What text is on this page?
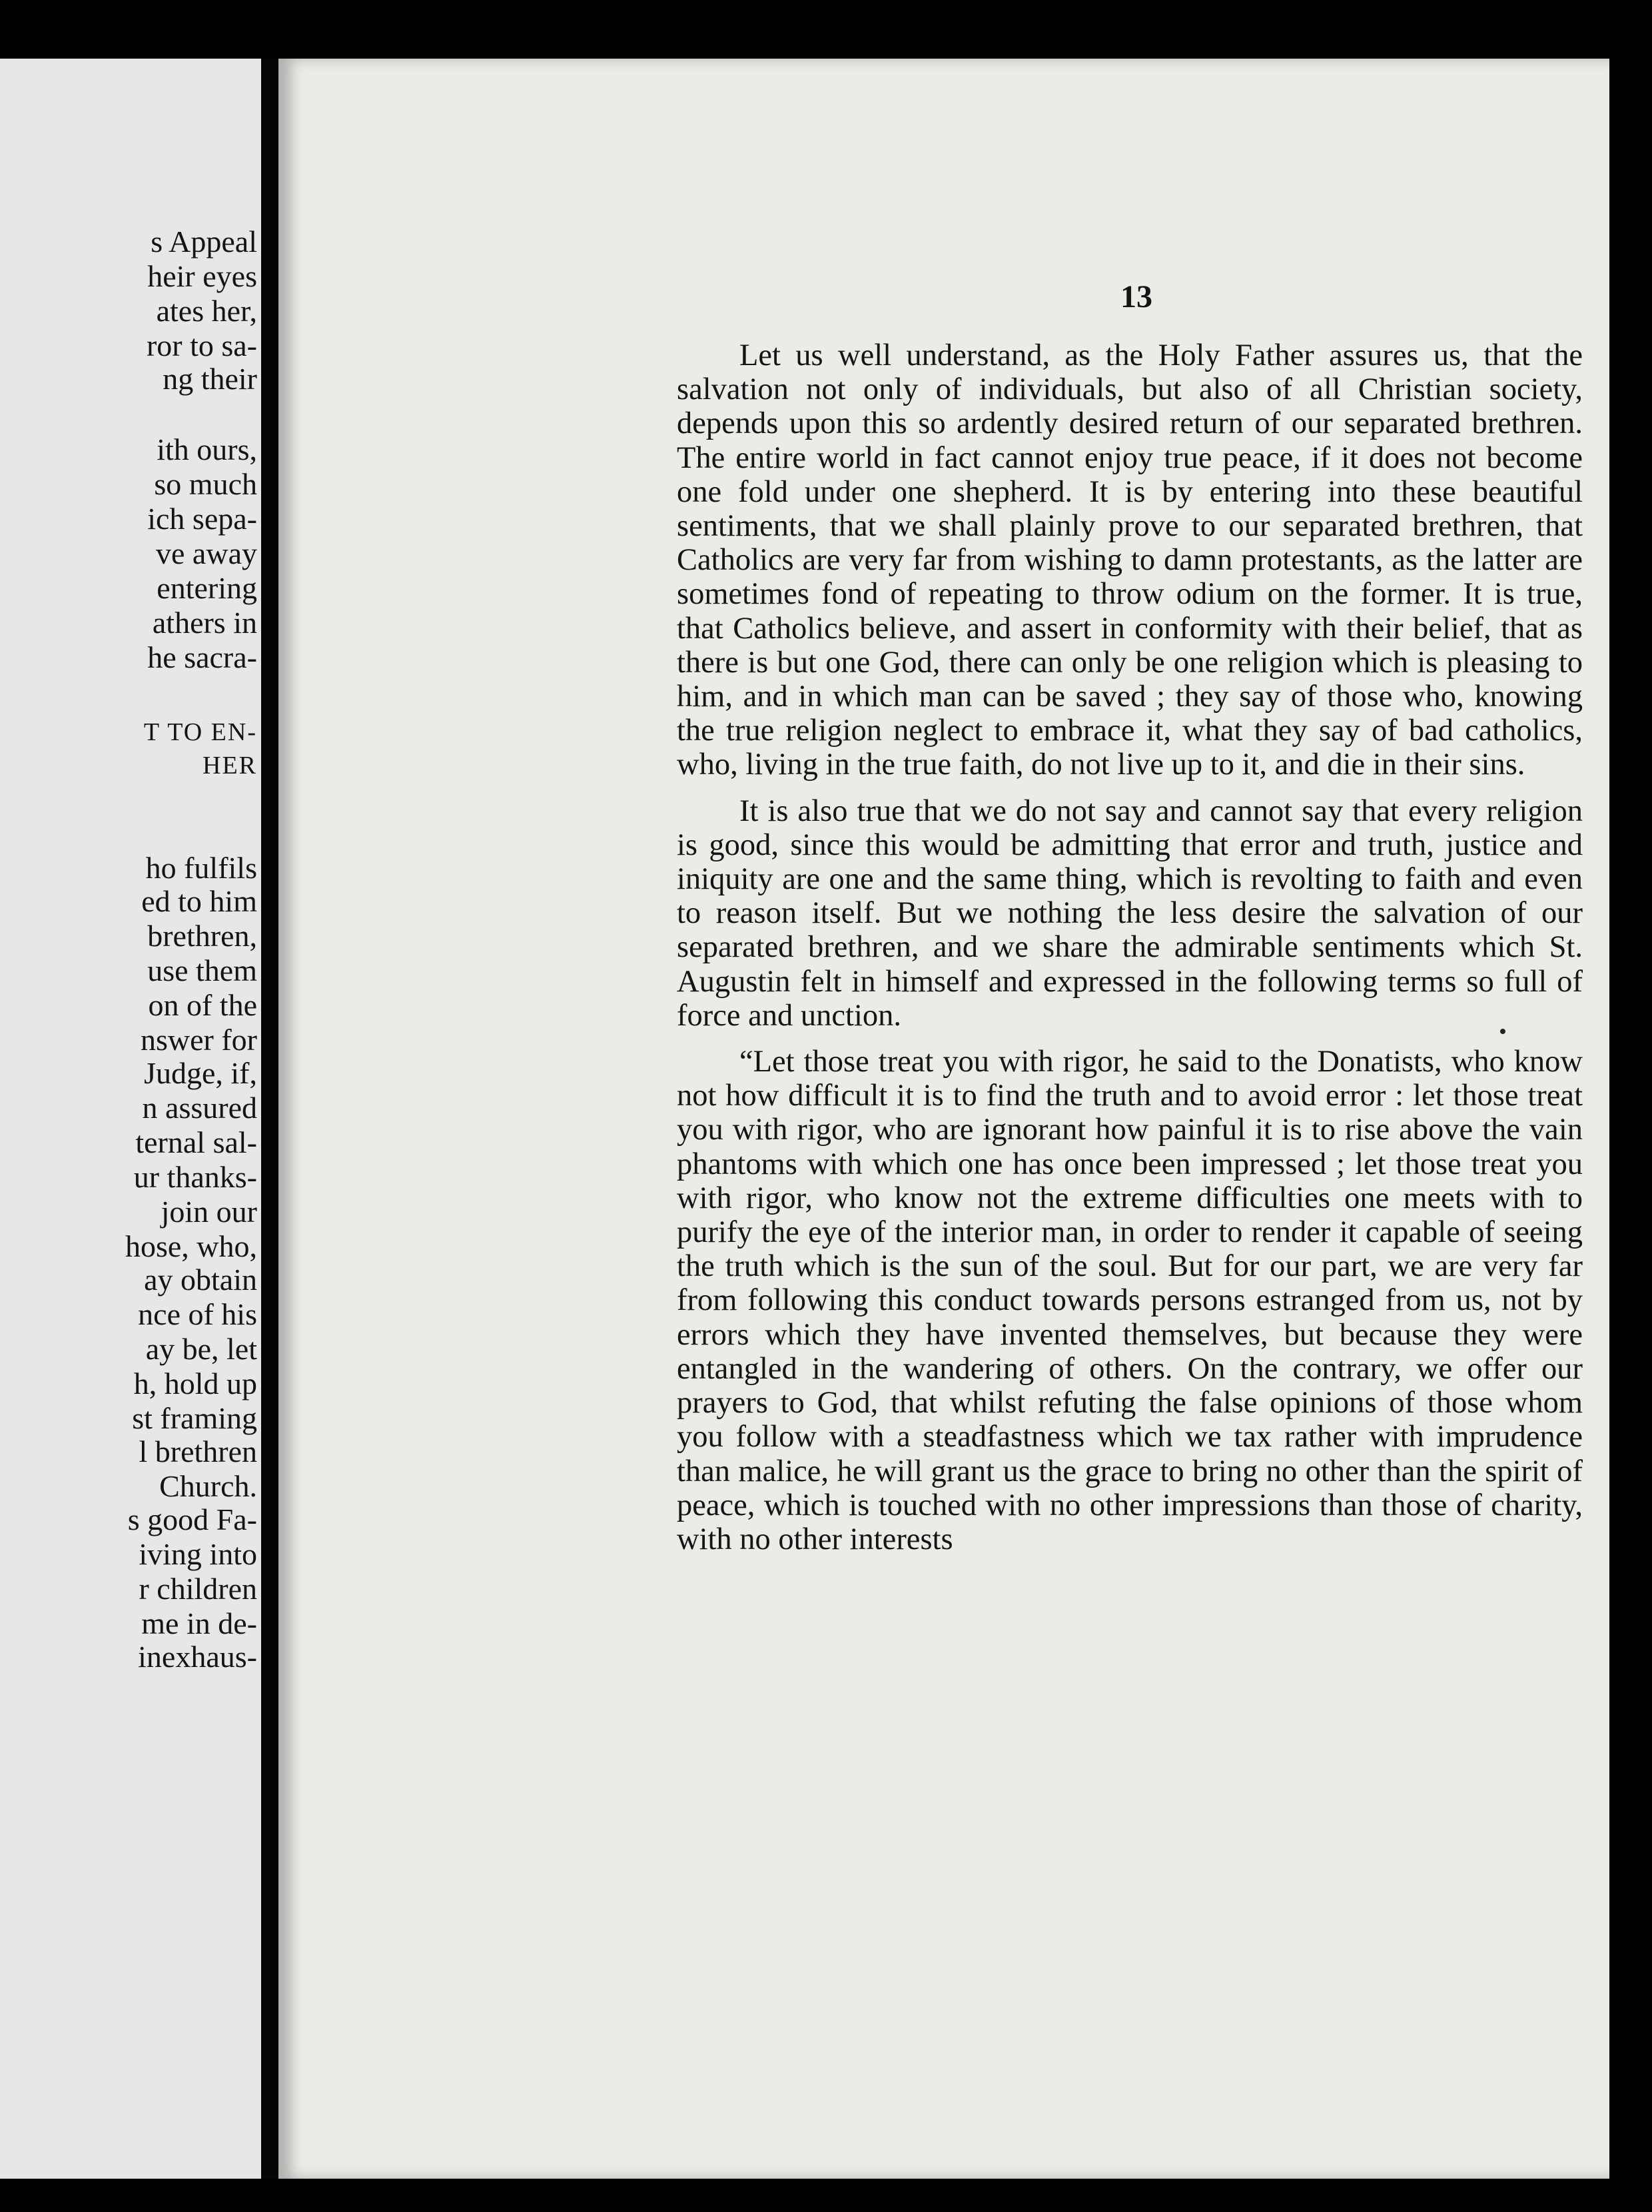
s Appeal
heir eyes
ates her,
ror to sa-
ng their
ith ours,
so much
ich sepa-
ve away
entering
athers in
he sacra-
T TO EN-
HER
ho fulfils
ed to him
brethren,
use them
on of the
nswer for
Judge, if,
n assured
ternal sal-
ur thanks-
join our
hose, who,
ay obtain
nce of his
ay be, let
h, hold up
st framing
l brethren
Church.
s good Fa-
iving into
r children
me in de-
inexhaus-
13

Let us well understand, as the Holy Father assures us, that the salvation not only of individuals, but also of all Christian society, depends upon this so ardently desired return of our separated brethren. The entire world in fact cannot enjoy true peace, if it does not become one fold under one shepherd. It is by entering into these beautiful sentiments, that we shall plainly prove to our separated brethren, that Catholics are very far from wishing to damn protestants, as the latter are sometimes fond of repeating to throw odium on the former. It is true, that Catholics believe, and assert in conformity with their belief, that as there is but one God, there can only be one religion which is pleasing to him, and in which man can be saved ; they say of those who, knowing the true religion neglect to embrace it, what they say of bad catholics, who, living in the true faith, do not live up to it, and die in their sins.

It is also true that we do not say and cannot say that every religion is good, since this would be admitting that error and truth, justice and iniquity are one and the same thing, which is revolting to faith and even to reason itself. But we nothing the less desire the salvation of our separated brethren, and we share the admirable sentiments which St. Augustin felt in himself and expressed in the following terms so full of force and unction.

“Let those treat you with rigor, he said to the Donatists, who know not how difficult it is to find the truth and to avoid error : let those treat you with rigor, who are ignorant how painful it is to rise above the vain phantoms with which one has once been impressed ; let those treat you with rigor, who know not the extreme difficulties one meets with to purify the eye of the interior man, in order to render it capable of seeing the truth which is the sun of the soul. But for our part, we are very far from following this conduct towards persons estranged from us, not by errors which they have invented themselves, but because they were entangled in the wandering of others. On the contrary, we offer our prayers to God, that whilst refuting the false opinions of those whom you follow with a steadfastness which we tax rather with imprudence than malice, he will grant us the grace to bring no other than the spirit of peace, which is touched with no other impressions than those of charity, with no other interests
